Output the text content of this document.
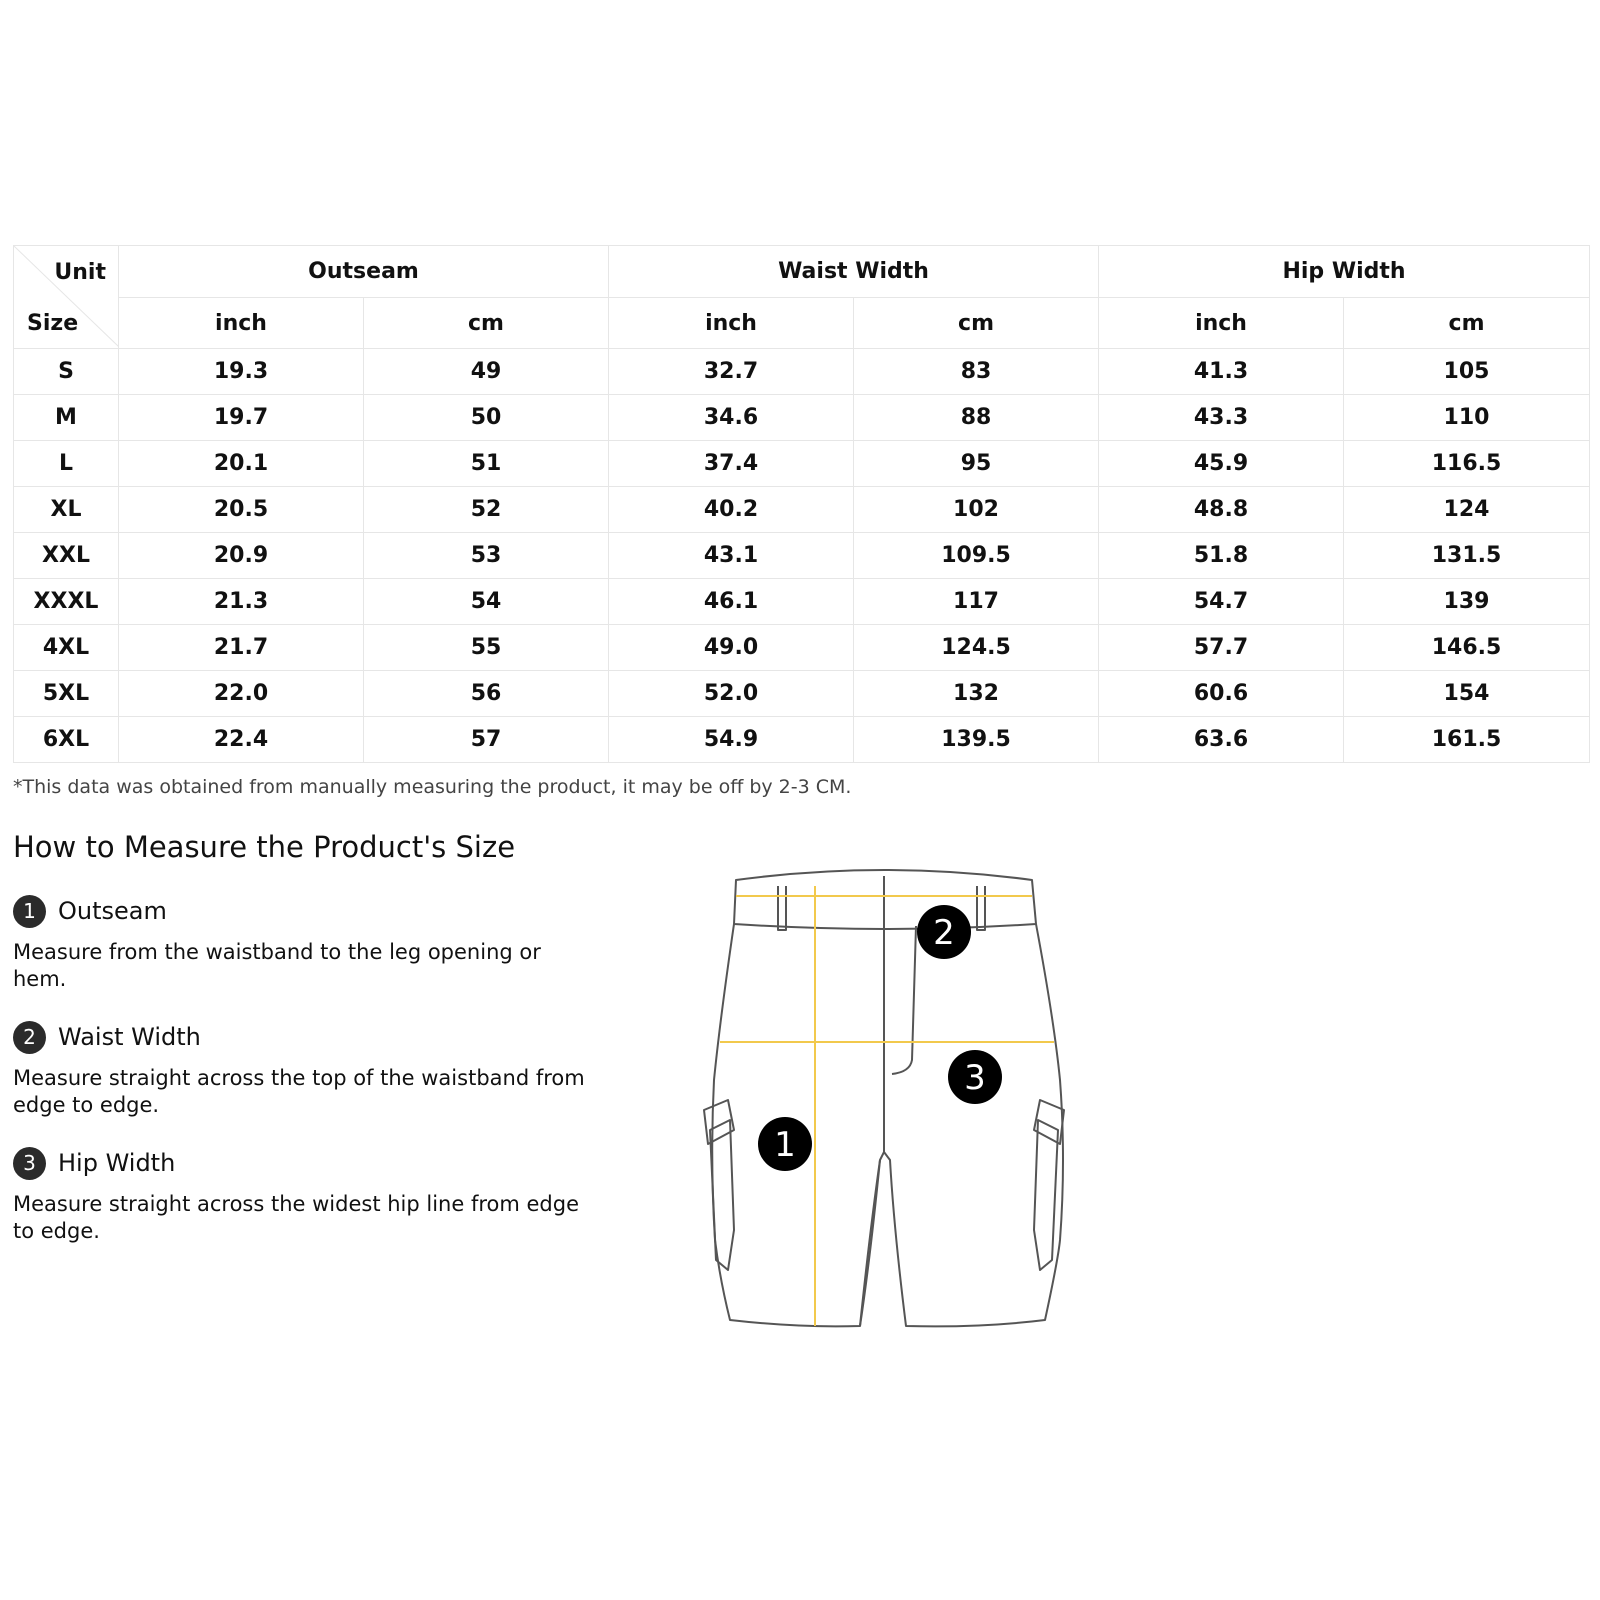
Unit
Size	Outseam		Waist Width		Hip Width	
	inch	cm	inch	cm	inch	cm
S	19.3	49	32.7	83	41.3	105
M	19.7	50	34.6	88	43.3	110
L	20.1	51	37.4	95	45.9	116.5
XL	20.5	52	40.2	102	48.8	124
XXL	20.9	53	43.1	109.5	51.8	131.5
XXXL	21.3	54	46.1	117	54.7	139
4XL	21.7	55	49.0	124.5	57.7	146.5
5XL	22.0	56	52.0	132	60.6	154
6XL	22.4	57	54.9	139.5	63.6	161.5
*This data was obtained from manually measuring the product, it may be off by 2-3 CM.
How to Measure the Product's Size
1 Outseam
Measure from the waistband to the leg opening or hem.
2 Waist Width
Measure straight across the top of the waistband from edge to edge.
3 Hip Width
Measure straight across the widest hip line from edge to edge.
1
2
3
